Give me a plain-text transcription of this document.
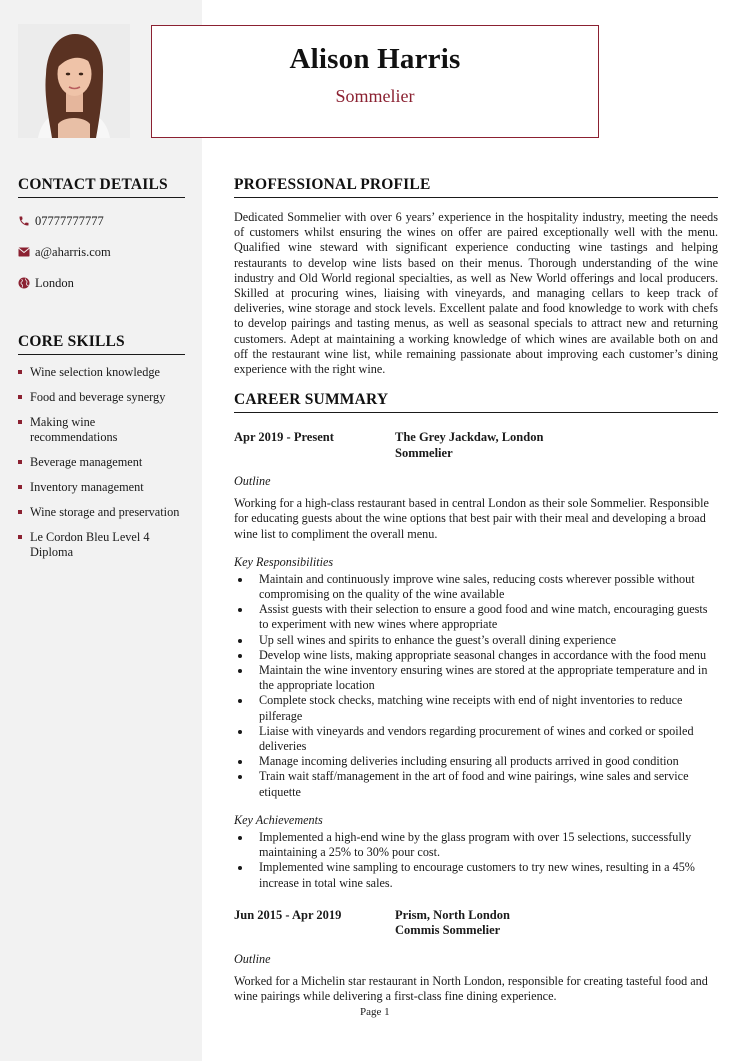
Alison Harris
Sommelier
CONTACT DETAILS
07777777777
a@aharris.com
London
CORE SKILLS
Wine selection knowledge
Food and beverage synergy
Making wine recommendations
Beverage management
Inventory management
Wine storage and preservation
Le Cordon Bleu Level 4 Diploma
PROFESSIONAL PROFILE

Dedicated Sommelier with over 6 years’ experience in the hospitality industry, meeting the needs of customers whilst ensuring the wines on offer are paired exceptionally well with the menu. Qualified wine steward with significant experience conducting wine tastings and helping restaurants to develop wine lists based on their menus. Thorough understanding of the wine industry and Old World regional specialties, as well as New World offerings and local producers. Skilled at procuring wines, liaising with vineyards, and managing cellars to keep track of deliveries, wine storage and stock levels. Excellent palate and food knowledge to work with chefs to develop pairings and tasting menus, as well as seasonal specials to attract new and returning customers. Adept at maintaining a working knowledge of which wines are available both on and off the restaurant wine list, while remaining passionate about improving each customer’s dining experience with the right wine.

CAREER SUMMARY
Apr 2019 - Present	The Grey Jackdaw, London
Sommelier
Outline

Working for a high-class restaurant based in central London as their sole Sommelier. Responsible for educating guests about the wine options that best pair with their meal and developing a broad wine list to compliment the overall menu.

Key Responsibilities
Maintain and continuously improve wine sales, reducing costs wherever possible without compromising on the quality of the wine available
Assist guests with their selection to ensure a good food and wine match, encouraging guests to experiment with new wines where appropriate
Up sell wines and spirits to enhance the guest’s overall dining experience
Develop wine lists, making appropriate seasonal changes in accordance with the food menu
Maintain the wine inventory ensuring wines are stored at the appropriate temperature and in the appropriate location
Complete stock checks, matching wine receipts with end of night inventories to reduce pilferage
Liaise with vineyards and vendors regarding procurement of wines and corked or spoiled deliveries
Manage incoming deliveries including ensuring all products arrived in good condition
Train wait staff/management in the art of food and wine pairings, wine sales and service etiquette
Key Achievements
Implemented a high-end wine by the glass program with over 15 selections, successfully maintaining a 25% to 30% pour cost.
Implemented wine sampling to encourage customers to try new wines, resulting in a 45% increase in total wine sales.
Jun 2015 - Apr 2019	Prism, North London
Commis Sommelier
Outline

Worked for a Michelin star restaurant in North London, responsible for creating tasteful food and wine pairings while delivering a first-class fine dining experience.

Page 1
